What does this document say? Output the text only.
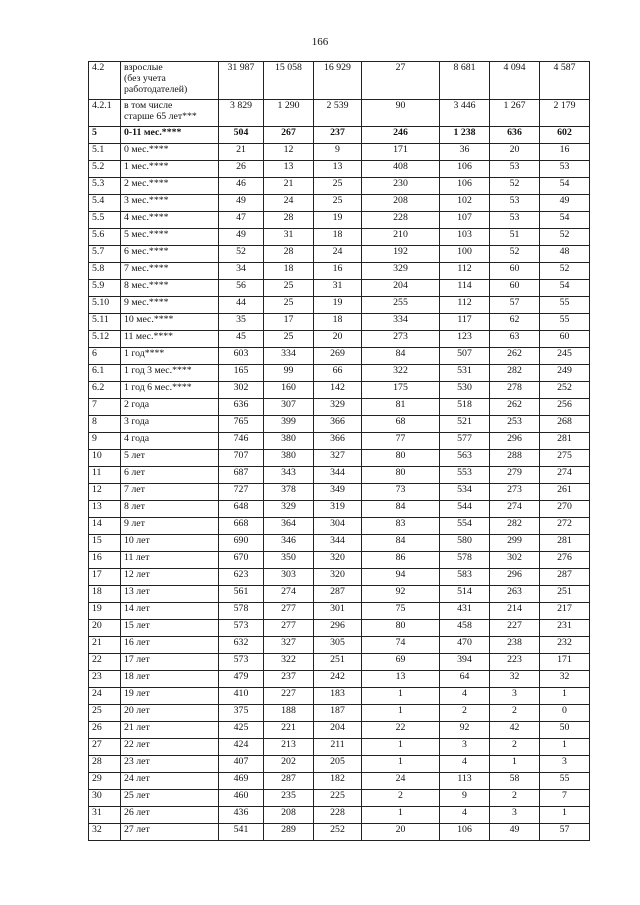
166
4.2	взрослые
(без учета
работодателей)	31 987	15 058	16 929	27	8 681	4 094	4 587
4.2.1	в том числе
старше 65 лет***	3 829	1 290	2 539	90	3 446	1 267	2 179
5	0-11 мес.****	504	267	237	246	1 238	636	602
5.1	0 мес.****	21	12	9	171	36	20	16
5.2	1 мес.****	26	13	13	408	106	53	53
5.3	2 мес.****	46	21	25	230	106	52	54
5.4	3 мес.****	49	24	25	208	102	53	49
5.5	4 мес.****	47	28	19	228	107	53	54
5.6	5 мес.****	49	31	18	210	103	51	52
5.7	6 мес.****	52	28	24	192	100	52	48
5.8	7 мес.****	34	18	16	329	112	60	52
5.9	8 мес.****	56	25	31	204	114	60	54
5.10	9 мес.****	44	25	19	255	112	57	55
5.11	10 мес.****	35	17	18	334	117	62	55
5.12	11 мес.****	45	25	20	273	123	63	60
6	1 год****	603	334	269	84	507	262	245
6.1	1 год 3 мес.****	165	99	66	322	531	282	249
6.2	1 год 6 мес.****	302	160	142	175	530	278	252
7	2 года	636	307	329	81	518	262	256
8	3 года	765	399	366	68	521	253	268
9	4 года	746	380	366	77	577	296	281
10	5 лет	707	380	327	80	563	288	275
11	6 лет	687	343	344	80	553	279	274
12	7 лет	727	378	349	73	534	273	261
13	8 лет	648	329	319	84	544	274	270
14	9 лет	668	364	304	83	554	282	272
15	10 лет	690	346	344	84	580	299	281
16	11 лет	670	350	320	86	578	302	276
17	12 лет	623	303	320	94	583	296	287
18	13 лет	561	274	287	92	514	263	251
19	14 лет	578	277	301	75	431	214	217
20	15 лет	573	277	296	80	458	227	231
21	16 лет	632	327	305	74	470	238	232
22	17 лет	573	322	251	69	394	223	171
23	18 лет	479	237	242	13	64	32	32
24	19 лет	410	227	183	1	4	3	1
25	20 лет	375	188	187	1	2	2	0
26	21 лет	425	221	204	22	92	42	50
27	22 лет	424	213	211	1	3	2	1
28	23 лет	407	202	205	1	4	1	3
29	24 лет	469	287	182	24	113	58	55
30	25 лет	460	235	225	2	9	2	7
31	26 лет	436	208	228	1	4	3	1
32	27 лет	541	289	252	20	106	49	57
